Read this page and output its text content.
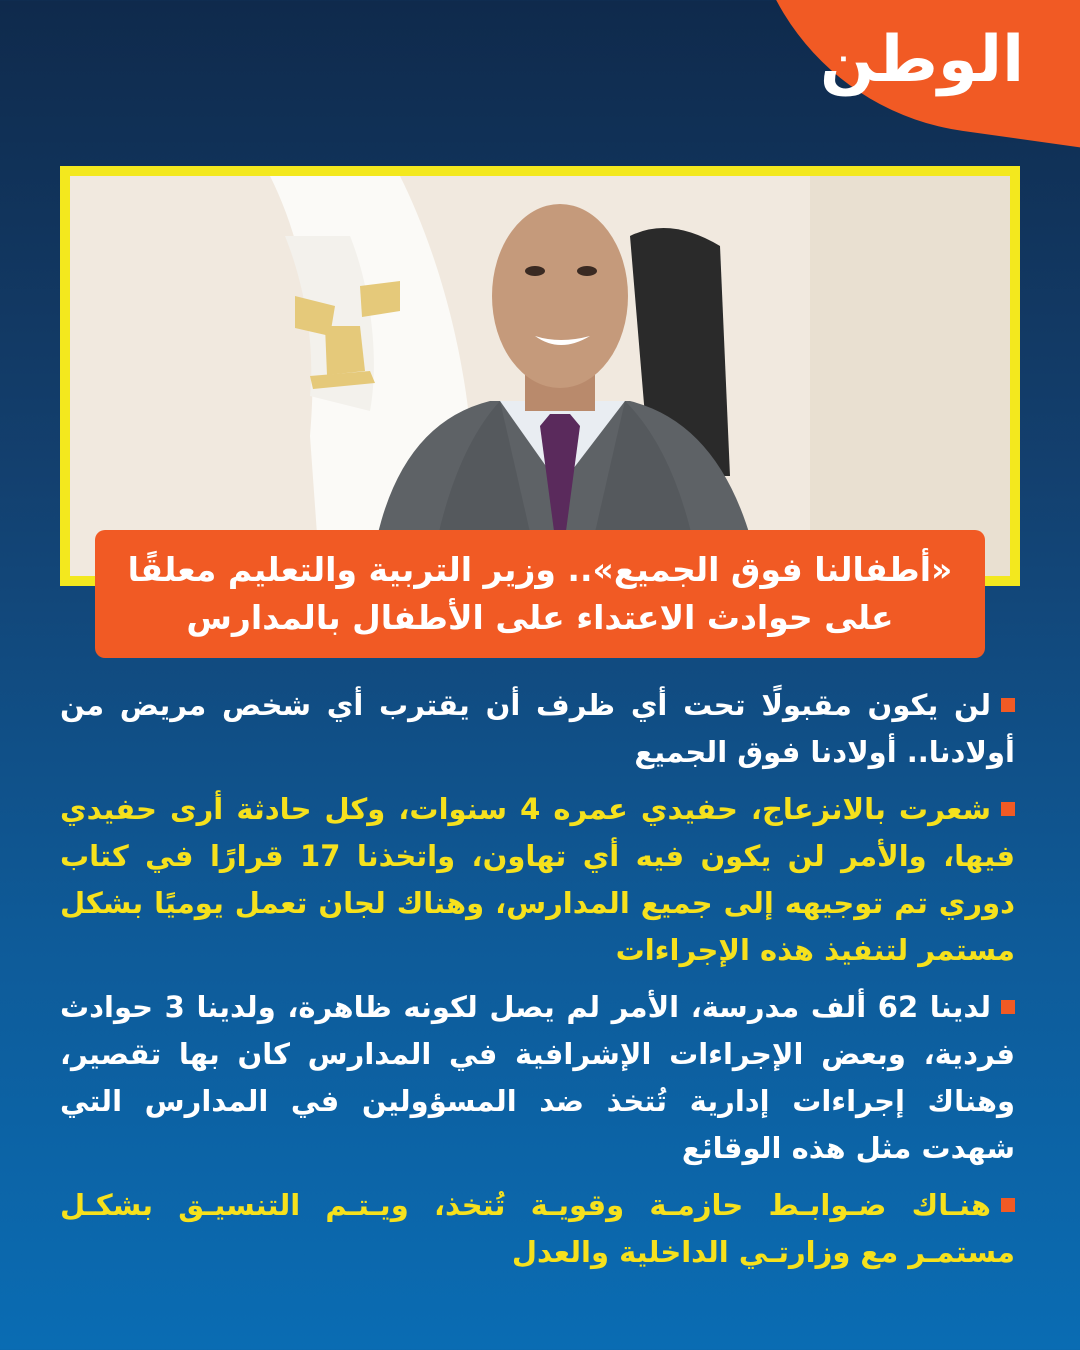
الوطن
«أطفالنا فوق الجميع».. وزير التربية والتعليم معلقًا
على حوادث الاعتداء على الأطفال بالمدارس
لن يكون مقبولًا تحت أي ظرف أن يقترب أي شخص مريض من أولادنا.. أولادنا فوق الجميع
شعرت بالانزعاج، حفيدي عمره 4 سنوات، وكل حادثة أرى حفيدي فيها، والأمر لن يكون فيه أي تهاون، واتخذنا 17 قرارًا في كتاب دوري تم توجيهه إلى جميع المدارس، وهناك لجان تعمل يوميًا بشكل مستمر لتنفيذ هذه الإجراءات
لدينا 62 ألف مدرسة، الأمر لم يصل لكونه ظاهرة، ولدينا 3 حوادث فردية، وبعض الإجراءات الإشرافية في المدارس كان بها تقصير، وهناك إجراءات إدارية تُتخذ ضد المسؤولين في المدارس التي شهدت مثل هذه الوقائع
هنـاك ضـوابـط حازمـة وقويـة تُتخذ، ويـتـم التنسيـق بشكـل مستمـر مع وزارتـي الداخلية والعدل
